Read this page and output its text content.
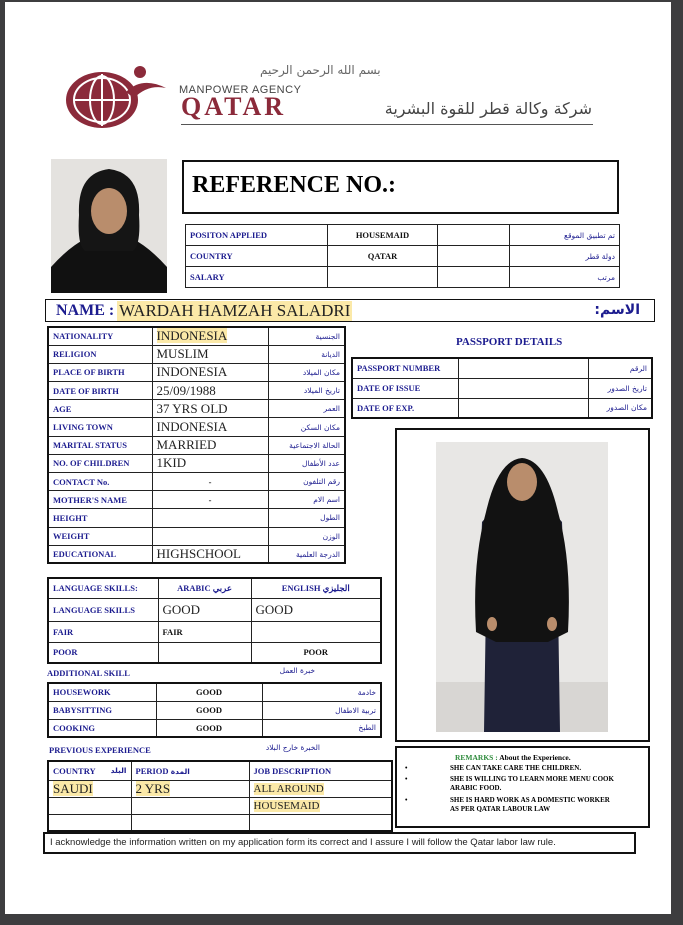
بسم الله الرحمن الرحيم
MANPOWER AGENCY
QATAR	شركة وكالة قطر للقوة البشرية
REFERENCE NO.:
POSITON APPLIED	HOUSEMAID		تم تطبيق الموقع
COUNTRY	QATAR		دولة قطر
SALARY			مرتب
NAME : WARDAH HAMZAH SALADRI	الاسم:
NATIONALITY	INDONESIA	الجنسية
RELIGION	MUSLIM	الديانة
PLACE OF BIRTH	INDONESIA	مكان الميلاد
DATE OF BIRTH	25/09/1988	تاريخ الميلاد
AGE	37 YRS OLD	العمر
LIVING TOWN	INDONESIA	مكان السكن
MARITAL STATUS	MARRIED	الحالة الاجتماعية
NO. OF CHILDREN	1KID	عدد الأطفال
CONTACT No.	-	رقم التلفون
MOTHER'S NAME	-	اسم الام
HEIGHT		الطول
WEIGHT		الوزن
EDUCATIONAL	HIGHSCHOOL	الدرجة العلمية
PASSPORT DETAILS
PASSPORT NUMBER		الرقم
DATE OF ISSUE		تاريخ الصدور
DATE OF EXP.		مكان الصدور
LANGUAGE SKILLS:	ARABIC عربي	ENGLISH الجليزي
LANGUAGE SKILLS	GOOD	GOOD
FAIR	FAIR	
POOR		POOR
ADDITIONAL SKILL	خبرة العمل
HOUSEWORK	GOOD	خادمة
BABYSITTING	GOOD	تربية الاطفال
COOKING	GOOD	الطبخ
PREVIOUS EXPERIENCE	الخبرة خارج البلاد
COUNTRY البلد	PERIOD المدة	JOB DESCRIPTION
SAUDI	2 YRS	ALL AROUND
		HOUSEMAID

REMARKS : About the Experience.
•	SHE CAN TAKE CARE THE CHILDREN.
•	SHE IS WILLING TO LEARN MORE MENU COOK ARABIC FOOD.
•	SHE IS HARD WORK AS A DOMESTIC WORKER AS PER QATAR LABOUR LAW
I acknowledge the information written on my application form its correct and I assure I will follow the Qatar labor law rule.
